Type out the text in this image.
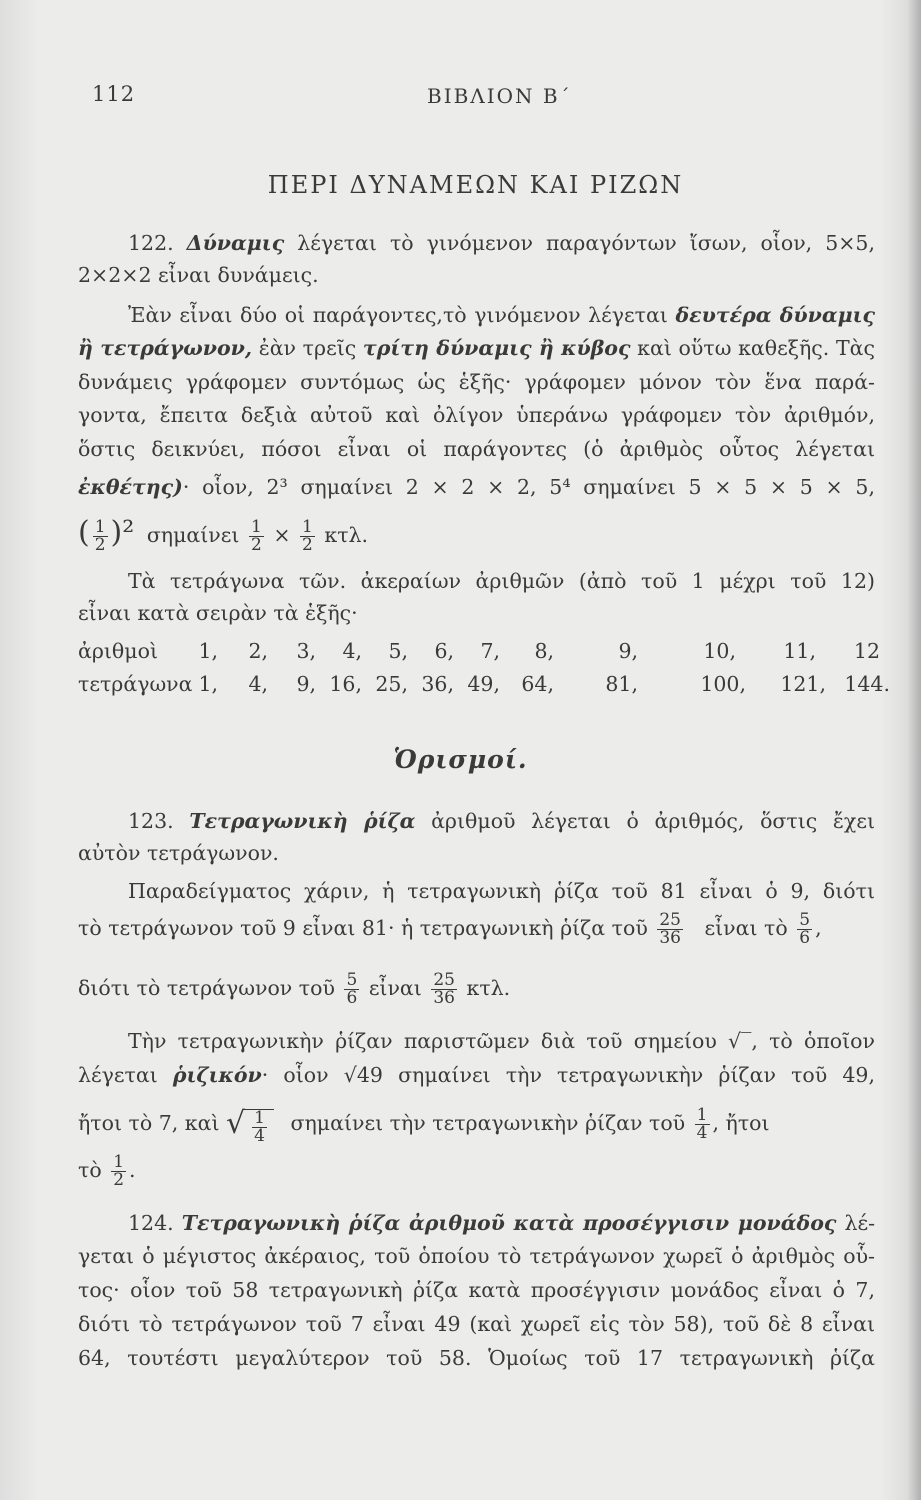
112	ΒΙΒΛΙΟΝ Β΄
ΠΕΡΙ ΔΥΝΑΜΕΩΝ ΚΑΙ ΡΙΖΩΝ
122. Δύναμις λέγεται τὸ γινόμενον παραγόντων ἴσων, οἷον, 5×5,
2×2×2 εἶναι δυνάμεις.
Ἐὰν εἶναι δύο οἱ παράγοντες,τὸ γινόμενον λέγεται δευτέρα δύναμις
ἢ τετράγωνον, ἐὰν τρεῖς τρίτη δύναμις ἢ κύβος καὶ οὕτω καθεξῆς. Τὰς
δυνάμεις γράφομεν συντόμως ὡς ἑξῆς· γράφομεν μόνον τὸν ἕνα παρά-
γοντα, ἔπειτα δεξιὰ αὐτοῦ καὶ ὀλίγον ὑπεράνω γράφομεν τὸν ἀριθμόν,
ὅστις δεικνύει, πόσοι εἶναι οἱ παράγοντες (ὁ ἀριθμὸς οὗτος λέγεται
ἐκθέτης)· οἷον, 2³ σημαίνει 2 × 2 × 2, 5⁴ σημαίνει 5 × 5 × 5 × 5,
( $\frac{1}{2} )^2$ σημαίνει $\frac{1}{2} \times \frac{1}{2} \kappa\tau\lambda$.
Τὰ τετράγωνα τῶν. ἀκεραίων ἀριθμῶν (ἀπὸ τοῦ 1 μέχρι τοῦ 12)
εἶναι κατὰ σειρὰν τὰ ἑξῆς·
ἀριθμοὶ	1,	2,	3,	4,	5,	6,	7,	8,	9,	10,	11,	12
τετράγωνα 1,	4,	9, 16, 25, 36, 49,	64,	81,	100,	121, 144.
Ὁρισμοί.
123. Τετραγωνικὴ ῥίζα ἀριθμοῦ λέγεται ὁ ἀριθμός, ὅστις ἔχει
αὐτὸν τετράγωνον.
Παραδείγματος χάριν, ἡ τετραγωνικὴ ῥίζα τοῦ 81 εἶναι ὁ 9, διότι
τὸ τετράγωνον τοῦ 9 εἶναι 81· ἡ τετραγωνικὴ ῥίζα τοῦ $\frac{25}{36}$ εἶναι τὸ $\frac{5}{6}$ ,
διότι τὸ τετράγωνον τοῦ $\frac{5}{6}$ εἶναι $\frac{25}{36} \kappa\tau\lambda$.
Τὴν τετραγωνικὴν ῥίζαν παριστῶμεν διὰ τοῦ σημείου √‾, τὸ ὁποῖον
λέγεται ῥιζικόν· οἷον √49 σημαίνει τὴν τετραγωνικὴν ῥίζαν τοῦ 49,
ἤτοι τὸ 7, καὶ √ $\frac{1}{4}$ σημαίνει τὴν τετραγωνικὴν ῥίζαν τοῦ $\frac{1}{4}$ , ἤτοι
τὸ $\frac{1}{2}$ .
124. Τετραγωνικὴ ῥίζα ἀριθμοῦ κατὰ προσέγγισιν μονάδος λέ-
γεται ὁ μέγιστος ἀκέραιος, τοῦ ὁποίου τὸ τετράγωνον χωρεῖ ὁ ἀριθμὸς οὗ-
τος· οἷον τοῦ 58 τετραγωνικὴ ῥίζα κατὰ προσέγγισιν μονάδος εἶναι ὁ 7,
διότι τὸ τετράγωνον τοῦ 7 εἶναι 49 (καὶ χωρεῖ εἰς τὸν 58), τοῦ δὲ 8 εἶναι
64, τουτέστι μεγαλύτερον τοῦ 58. Ὁμοίως τοῦ 17 τετραγωνικὴ ῥίζα
